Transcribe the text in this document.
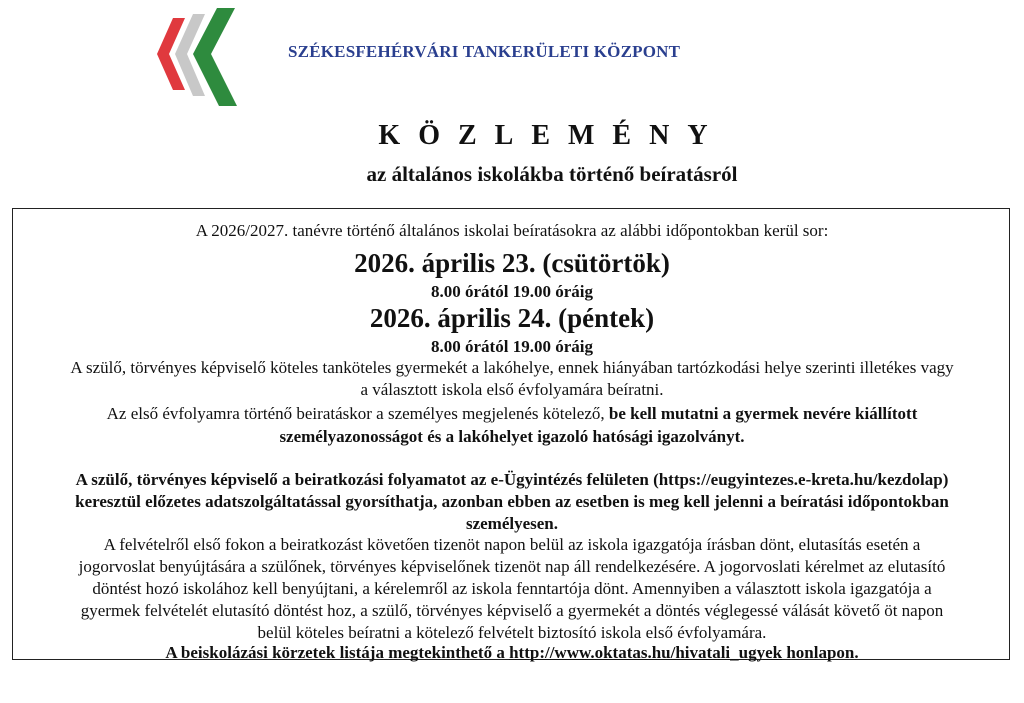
SZÉKESFEHÉRVÁRI TANKERÜLETI KÖZPONT
KÖZLEMÉNY
az általános iskolákba történő beíratásról
A 2026/2027. tanévre történő általános iskolai beíratásokra az alábbi időpontokban kerül sor:
2026. április 23. (csütörtök)
8.00 órától 19.00 óráig
2026. április 24. (péntek)
8.00 órától 19.00 óráig
A szülő, törvényes képviselő köteles tanköteles gyermekét a lakóhelye, ennek hiányában tartózkodási helye szerinti illetékes vagy
a választott iskola első évfolyamára beíratni.
Az első évfolyamra történő beiratáskor a személyes megjelenés kötelező, be kell mutatni a gyermek nevére kiállított
személyazonosságot és a lakóhelyet igazoló hatósági igazolványt.
A szülő, törvényes képviselő a beiratkozási folyamatot az e-Ügyintézés felületen (https://eugyintezes.e-kreta.hu/kezdolap)
keresztül előzetes adatszolgáltatással gyorsíthatja, azonban ebben az esetben is meg kell jelenni a beíratási időpontokban
személyesen.
A felvételről első fokon a beiratkozást követően tizenöt napon belül az iskola igazgatója írásban dönt, elutasítás esetén a
jogorvoslat benyújtására a szülőnek, törvényes képviselőnek tizenöt nap áll rendelkezésére. A jogorvoslati kérelmet az elutasító
döntést hozó iskolához kell benyújtani, a kérelemről az iskola fenntartója dönt. Amennyiben a választott iskola igazgatója a
gyermek felvételét elutasító döntést hoz, a szülő, törvényes képviselő a gyermekét a döntés véglegessé válását követő öt napon
belül köteles beíratni a kötelező felvételt biztosító iskola első évfolyamára.
A beiskolázási körzetek listája megtekinthető a http://www.oktatas.hu/hivatali_ugyek honlapon.
